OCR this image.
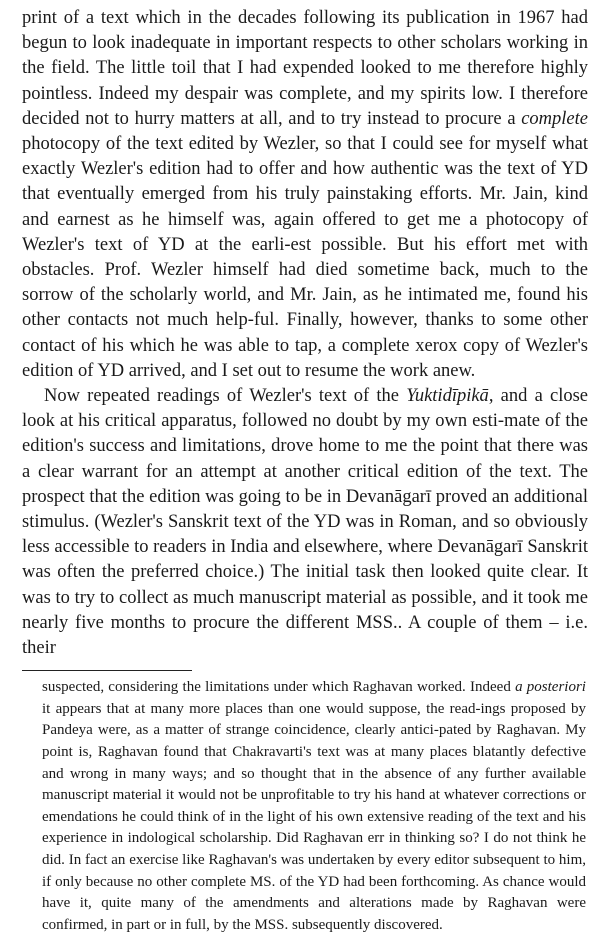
print of a text which in the decades following its publication in 1967 had begun to look inadequate in important respects to other scholars working in the field. The little toil that I had expended looked to me therefore highly pointless. Indeed my despair was complete, and my spirits low. I therefore decided not to hurry matters at all, and to try instead to procure a complete photocopy of the text edited by Wezler, so that I could see for myself what exactly Wezler's edition had to offer and how authentic was the text of YD that eventually emerged from his truly painstaking efforts. Mr. Jain, kind and earnest as he himself was, again offered to get me a photocopy of Wezler's text of YD at the earli-est possible. But his effort met with obstacles. Prof. Wezler himself had died sometime back, much to the sorrow of the scholarly world, and Mr. Jain, as he intimated me, found his other contacts not much help-ful. Finally, however, thanks to some other contact of his which he was able to tap, a complete xerox copy of Wezler's edition of YD arrived, and I set out to resume the work anew.

Now repeated readings of Wezler's text of the Yuktidīpikā, and a close look at his critical apparatus, followed no doubt by my own esti-mate of the edition's success and limitations, drove home to me the point that there was a clear warrant for an attempt at another critical edition of the text. The prospect that the edition was going to be in Devanāgarī proved an additional stimulus. (Wezler's Sanskrit text of the YD was in Roman, and so obviously less accessible to readers in India and elsewhere, where Devanāgarī Sanskrit was often the preferred choice.) The initial task then looked quite clear. It was to try to collect as much manuscript material as possible, and it took me nearly five months to procure the different MSS.. A couple of them – i.e. their

suspected, considering the limitations under which Raghavan worked. Indeed a posteriori it appears that at many more places than one would suppose, the read-ings proposed by Pandeya were, as a matter of strange coincidence, clearly antici-pated by Raghavan. My point is, Raghavan found that Chakravarti's text was at many places blatantly defective and wrong in many ways; and so thought that in the absence of any further available manuscript material it would not be unprofitable to try his hand at whatever corrections or emendations he could think of in the light of his own extensive reading of the text and his experience in indological scholarship. Did Raghavan err in thinking so? I do not think he did. In fact an exercise like Raghavan's was undertaken by every editor subsequent to him, if only because no other complete MS. of the YD had been forthcoming. As chance would have it, quite many of the amendments and alterations made by Raghavan were confirmed, in part or in full, by the MSS. subsequently discovered.
